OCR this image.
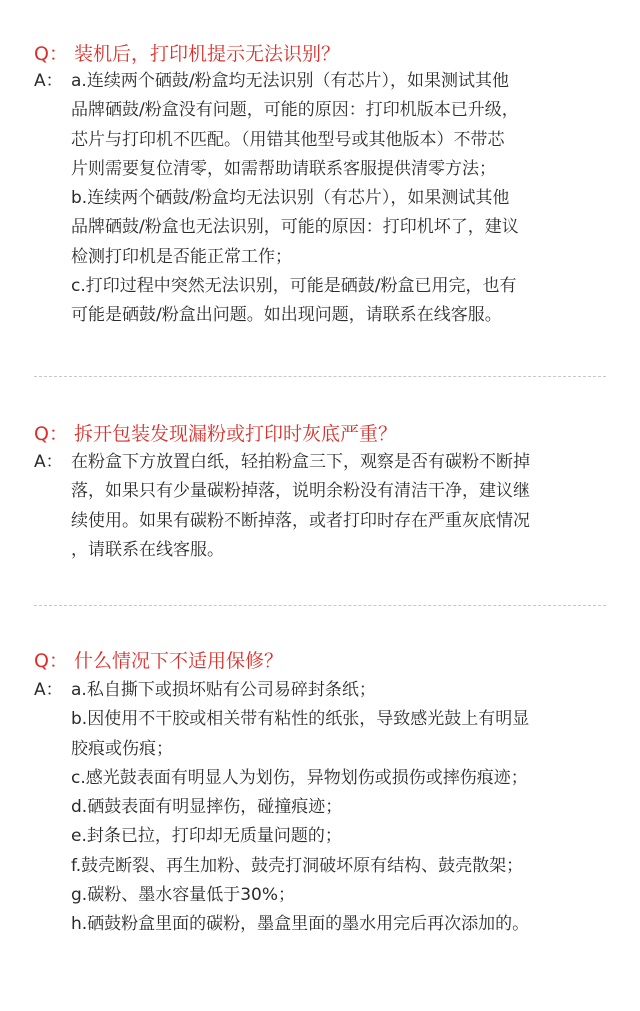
Q： 装机后，打印机提示无法识别？
A： a.连续两个硒鼓/粉盒均无法识别（有芯片），如果测试其他
品牌硒鼓/粉盒没有问题，可能的原因：打印机版本已升级，
芯片与打印机不匹配。（用错其他型号或其他版本）不带芯
片则需要复位清零，如需帮助请联系客服提供清零方法；
b.连续两个硒鼓/粉盒均无法识别（有芯片），如果测试其他
品牌硒鼓/粉盒也无法识别，可能的原因：打印机坏了，建议
检测打印机是否能正常工作；
c.打印过程中突然无法识别，可能是硒鼓/粉盒已用完，也有
可能是硒鼓/粉盒出问题。如出现问题，请联系在线客服。
Q： 拆开包装发现漏粉或打印时灰底严重？
A： 在粉盒下方放置白纸，轻拍粉盒三下，观察是否有碳粉不断掉
落，如果只有少量碳粉掉落，说明余粉没有清洁干净，建议继
续使用。如果有碳粉不断掉落，或者打印时存在严重灰底情况
，请联系在线客服。
Q： 什么情况下不适用保修？
A： a.私自撕下或损坏贴有公司易碎封条纸；
b.因使用不干胶或相关带有粘性的纸张，导致感光鼓上有明显
胶痕或伤痕；
c.感光鼓表面有明显人为划伤，异物划伤或损伤或摔伤痕迹；
d.硒鼓表面有明显摔伤，碰撞痕迹；
e.封条已拉，打印却无质量问题的；
f.鼓壳断裂、再生加粉、鼓壳打洞破坏原有结构、鼓壳散架；
g.碳粉、墨水容量低于30%；
h.硒鼓粉盒里面的碳粉，墨盒里面的墨水用完后再次添加的。
